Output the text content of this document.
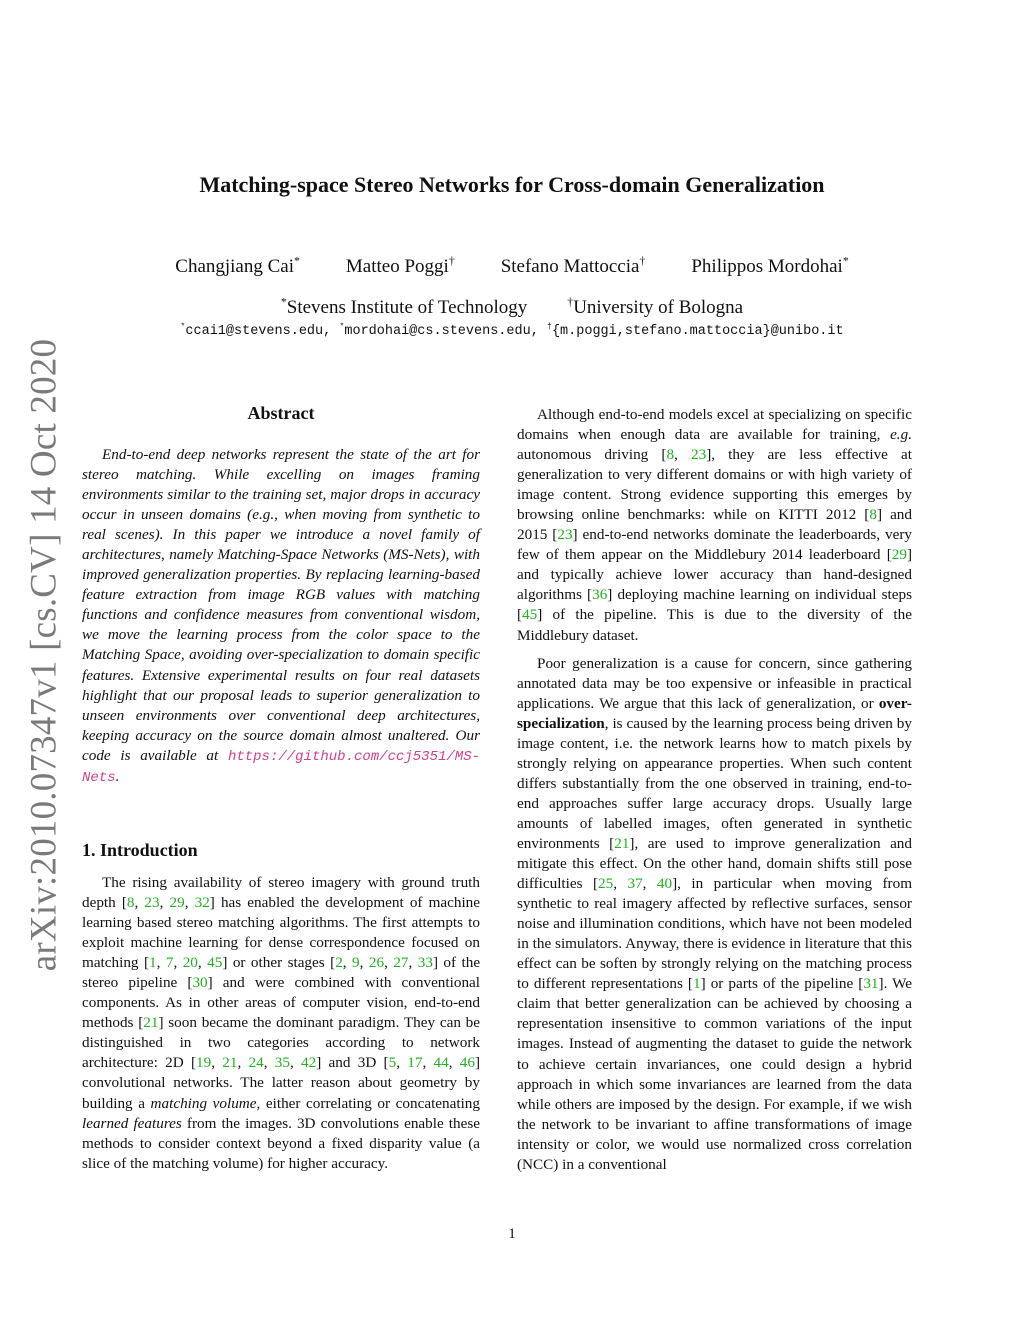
arXiv:2010.07347v1 [cs.CV] 14 Oct 2020
Matching-space Stereo Networks for Cross-domain Generalization
Changjiang Cai* Matteo Poggi† Stefano Mattoccia† Philippos Mordohai*
*Stevens Institute of Technology	†University of Bologna
*ccai1@stevens.edu, *mordohai@cs.stevens.edu, †{m.poggi,stefano.mattoccia}@unibo.it
Abstract

End-to-end deep networks represent the state of the art for stereo matching. While excelling on images framing environments similar to the training set, major drops in accuracy occur in unseen domains (e.g., when moving from synthetic to real scenes). In this paper we introduce a novel family of architectures, namely Matching-Space Networks (MS-Nets), with improved generalization properties. By replacing learning-based feature extraction from image RGB values with matching functions and confidence measures from conventional wisdom, we move the learning process from the color space to the Matching Space, avoiding over-specialization to domain specific features. Extensive experimental results on four real datasets highlight that our proposal leads to superior generalization to unseen environments over conventional deep architectures, keeping accuracy on the source domain almost unaltered. Our code is available at https://github.com/ccj5351/MS-Nets.

1. Introduction

The rising availability of stereo imagery with ground truth depth [8, 23, 29, 32] has enabled the development of machine learning based stereo matching algorithms. The first attempts to exploit machine learning for dense correspondence focused on matching [1, 7, 20, 45] or other stages [2, 9, 26, 27, 33] of the stereo pipeline [30] and were combined with conventional components. As in other areas of computer vision, end-to-end methods [21] soon became the dominant paradigm. They can be distinguished in two categories according to network architecture: 2D [19, 21, 24, 35, 42] and 3D [5, 17, 44, 46] convolutional networks. The latter reason about geometry by building a matching volume, either correlating or concatenating learned features from the images. 3D convolutions enable these methods to consider context beyond a fixed disparity value (a slice of the matching volume) for higher accuracy.

Although end-to-end models excel at specializing on specific domains when enough data are available for training, e.g. autonomous driving [8, 23], they are less effective at generalization to very different domains or with high variety of image content. Strong evidence supporting this emerges by browsing online benchmarks: while on KITTI 2012 [8] and 2015 [23] end-to-end networks dominate the leaderboards, very few of them appear on the Middlebury 2014 leaderboard [29] and typically achieve lower accuracy than hand-designed algorithms [36] deploying machine learning on individual steps [45] of the pipeline. This is due to the diversity of the Middlebury dataset.

Poor generalization is a cause for concern, since gathering annotated data may be too expensive or infeasible in practical applications. We argue that this lack of generalization, or over-specialization, is caused by the learning process being driven by image content, i.e. the network learns how to match pixels by strongly relying on appearance properties. When such content differs substantially from the one observed in training, end-to-end approaches suffer large accuracy drops. Usually large amounts of labelled images, often generated in synthetic environments [21], are used to improve generalization and mitigate this effect. On the other hand, domain shifts still pose difficulties [25, 37, 40], in particular when moving from synthetic to real imagery affected by reflective surfaces, sensor noise and illumination conditions, which have not been modeled in the simulators. Anyway, there is evidence in literature that this effect can be soften by strongly relying on the matching process to different representations [1] or parts of the pipeline [31]. We claim that better generalization can be achieved by choosing a representation insensitive to common variations of the input images. Instead of augmenting the dataset to guide the network to achieve certain invariances, one could design a hybrid approach in which some invariances are learned from the data while others are imposed by the design. For example, if we wish the network to be invariant to affine transformations of image intensity or color, we would use normalized cross correlation (NCC) in a conventional

1
